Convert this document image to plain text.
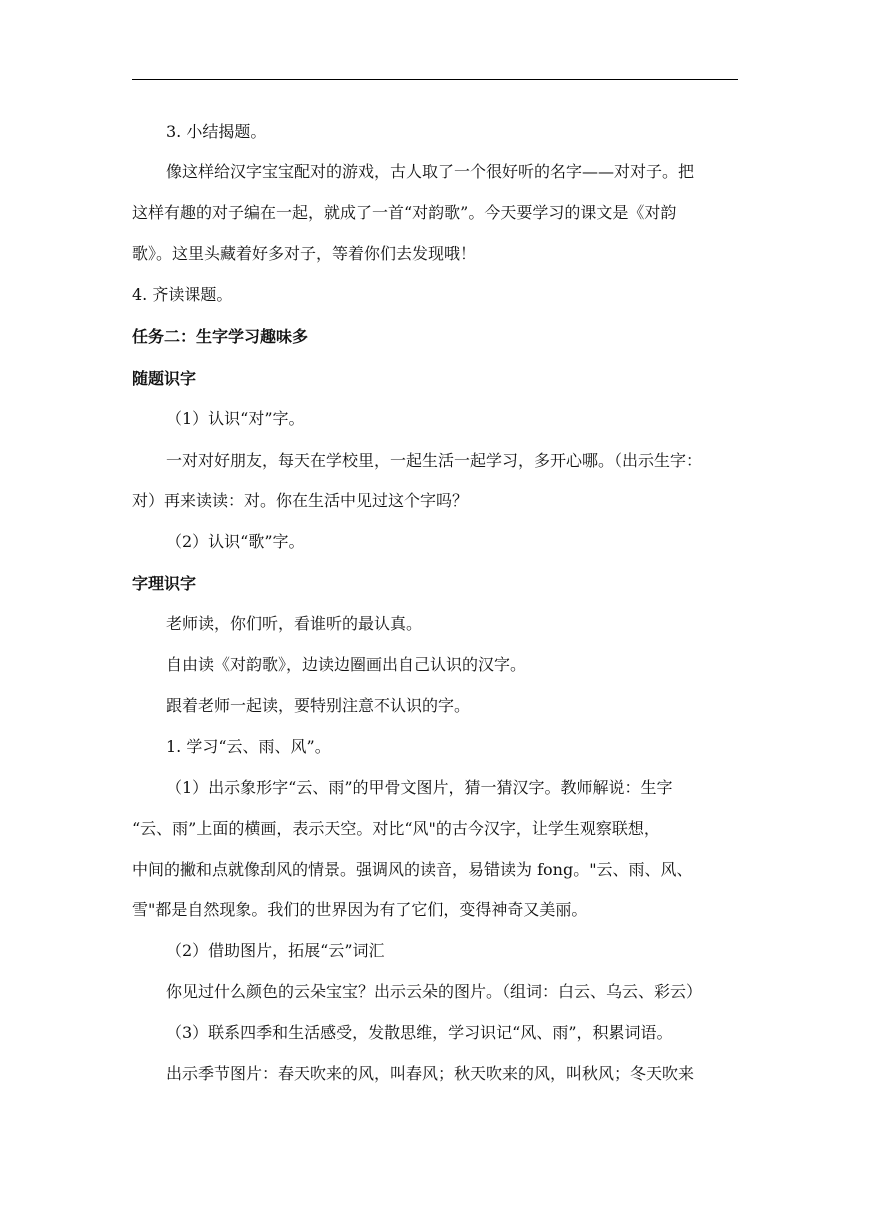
3. 小结揭题。
像这样给汉字宝宝配对的游戏，古人取了一个很好听的名字——对对子。把
这样有趣的对子编在一起，就成了一首“对韵歌”。今天要学习的课文是《对韵
歌》。这里头藏着好多对子，等着你们去发现哦！
4. 齐读课题。
任务二：生字学习趣味多
随题识字
（1）认识“对”字。
一对对好朋友，每天在学校里，一起生活一起学习，多开心哪。（出示生字：
对）再来读读：对。你在生活中见过这个字吗？
（2）认识“歌”字。
字理识字
老师读，你们听，看谁听的最认真。
自由读《对韵歌》，边读边圈画出自己认识的汉字。
跟着老师一起读，要特别注意不认识的字。
1. 学习“云、雨、风”。
（1）出示象形字“云、雨”的甲骨文图片，猜一猜汉字。教师解说：生字
“云、雨”上面的横画，表示天空。对比“风"的古今汉字，让学生观察联想，
中间的撇和点就像刮风的情景。强调风的读音，易错读为 fong。"云、雨、风、
雪"都是自然现象。我们的世界因为有了它们，变得神奇又美丽。
（2）借助图片，拓展“云”词汇
你见过什么颜色的云朵宝宝？出示云朵的图片。（组词：白云、乌云、彩云）
（3）联系四季和生活感受，发散思维，学习识记“风、雨”，积累词语。
出示季节图片：春天吹来的风，叫春风；秋天吹来的风，叫秋风；冬天吹来
